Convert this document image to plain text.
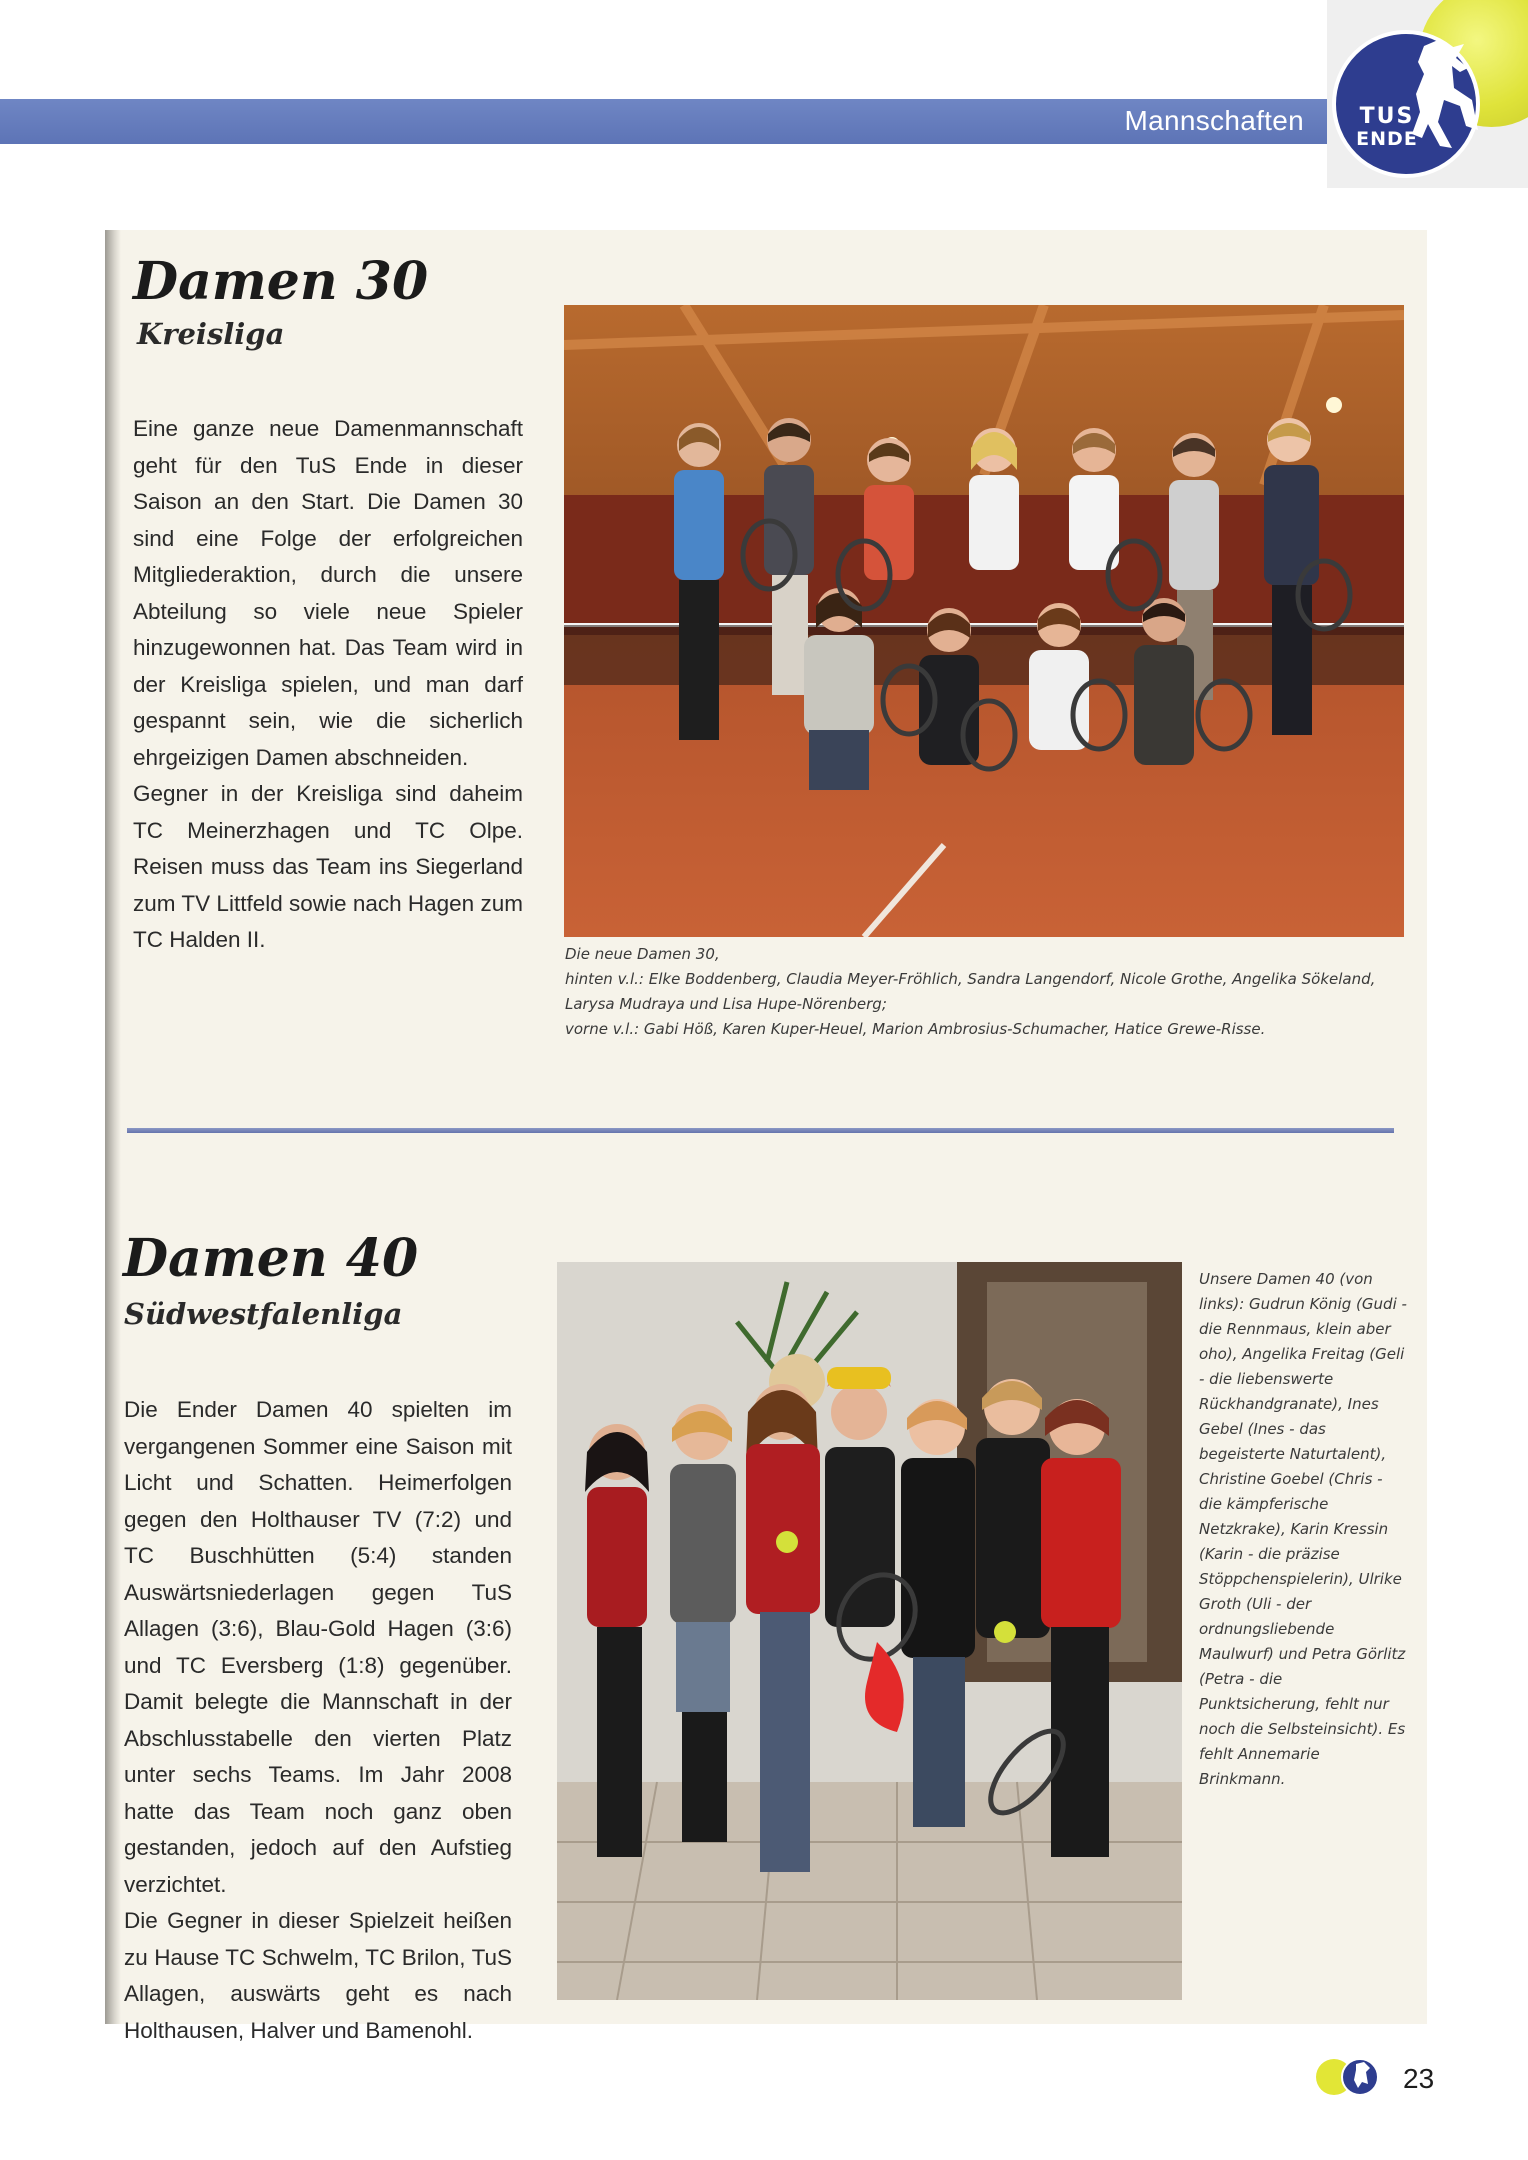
Mannschaften	TUS
ENDE
Damen 30
Kreisliga

Eine ganze neue Damenmannschaft geht für den TuS Ende in dieser Saison an den Start. Die Damen 30 sind eine Folge der erfolgreichen Mitgliederaktion, durch die unsere Abteilung so viele neue Spieler hinzugewonnen hat. Das Team wird in der Kreisliga spielen, und man darf gespannt sein, wie die sicherlich ehrgeizigen Damen abschneiden.

Gegner in der Kreisliga sind daheim TC Meinerzhagen und TC Olpe. Reisen muss das Team ins Siegerland zum TV Littfeld sowie nach Hagen zum TC Halden II.

Die neue Damen 30,

hinten v.l.: Elke Boddenberg, Claudia Meyer-Fröhlich, Sandra Langendorf, Nicole Grothe, Angelika Sökeland, Larysa Mudraya und Lisa Hupe-Nörenberg;

vorne v.l.: Gabi Höß, Karen Kuper-Heuel, Marion Ambrosius-Schumacher, Hatice Grewe-Risse.

Damen 40
Südwestfalenliga

Die Ender Damen 40 spielten im vergangenen Sommer eine Saison mit Licht und Schatten. Heimerfolgen gegen den Holthauser TV (7:2) und TC Buschhütten (5:4) standen Auswärtsniederlagen gegen TuS Allagen (3:6), Blau-Gold Hagen (3:6) und TC Eversberg (1:8) gegenüber. Damit belegte die Mannschaft in der Abschlusstabelle den vierten Platz unter sechs Teams. Im Jahr 2008 hatte das Team noch ganz oben gestanden, jedoch auf den Aufstieg verzichtet.

Die Gegner in dieser Spielzeit heißen zu Hause TC Schwelm, TC Brilon, TuS Allagen, auswärts geht es nach Holthausen, Halver und Bamenohl.

Unsere Damen 40 (von links): Gudrun König (Gudi - die Rennmaus, klein aber oho), Angelika Freitag (Geli - die liebenswerte Rückhandgranate), Ines Gebel (Ines - das begeisterte Naturtalent), Christine Goebel (Chris - die kämpferische Netzkrake), Karin Kressin (Karin - die präzise Stöppchenspielerin), Ulrike Groth (Uli - der ordnungsliebende Maulwurf) und Petra Görlitz (Petra - die Punktsicherung, fehlt nur noch die Selbsteinsicht). Es fehlt Annemarie Brinkmann.
23
